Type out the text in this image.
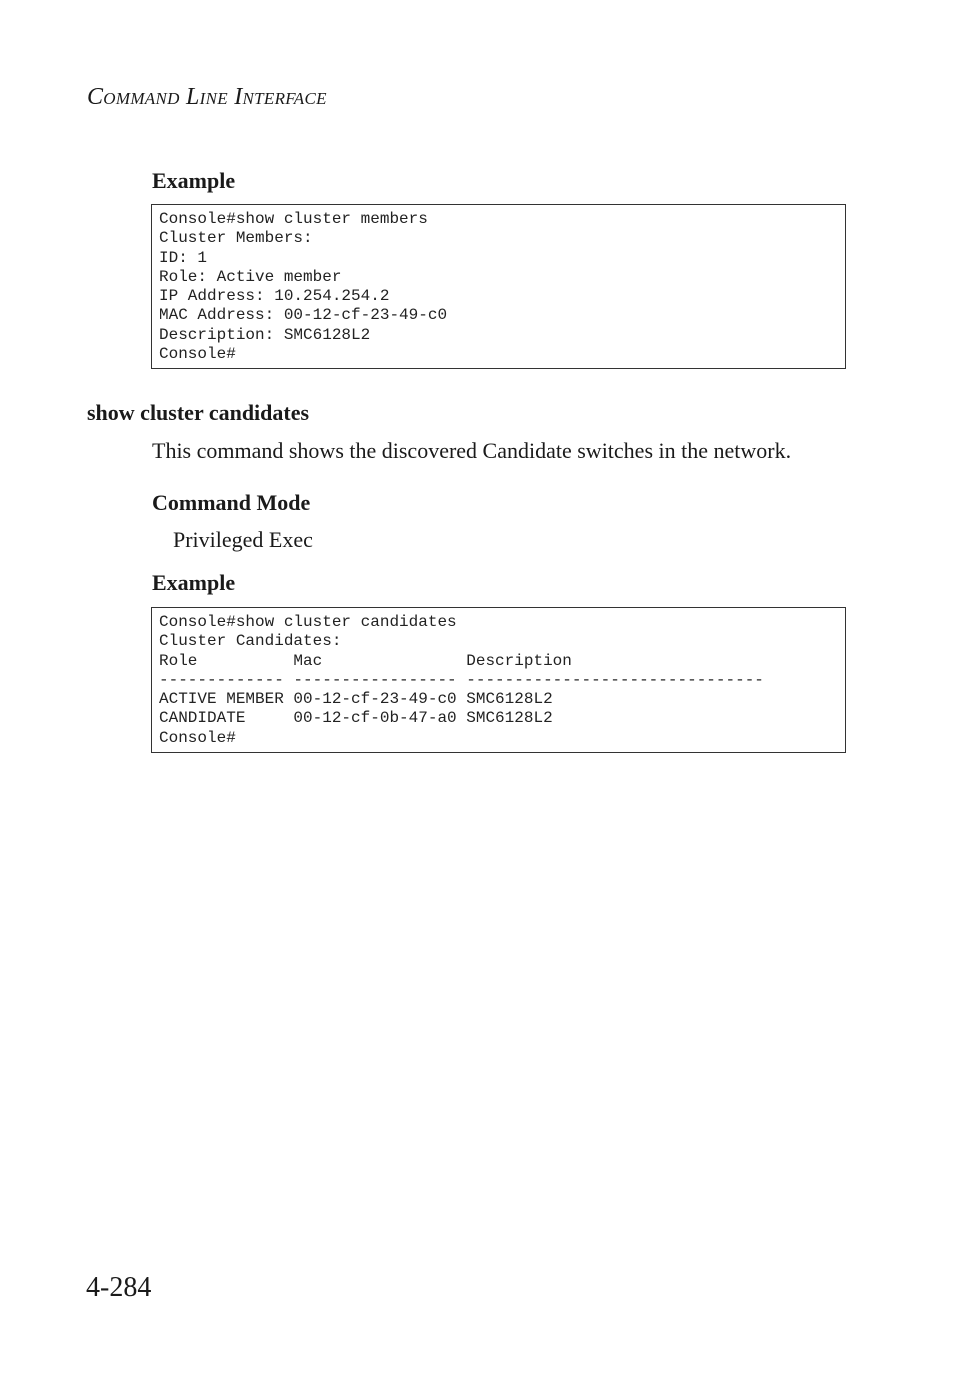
Command Line Interface
Example
Console#show cluster members
Cluster Members:
ID: 1
Role: Active member
IP Address: 10.254.254.2
MAC Address: 00-12-cf-23-49-c0
Description: SMC6128L2
Console#
show cluster candidates
This command shows the discovered Candidate switches in the network.
Command Mode
Privileged Exec
Example
Console#show cluster candidates
Cluster Candidates:
Role          Mac               Description
------------- ----------------- -------------------------------
ACTIVE MEMBER 00-12-cf-23-49-c0 SMC6128L2
CANDIDATE     00-12-cf-0b-47-a0 SMC6128L2
Console#
4-284
